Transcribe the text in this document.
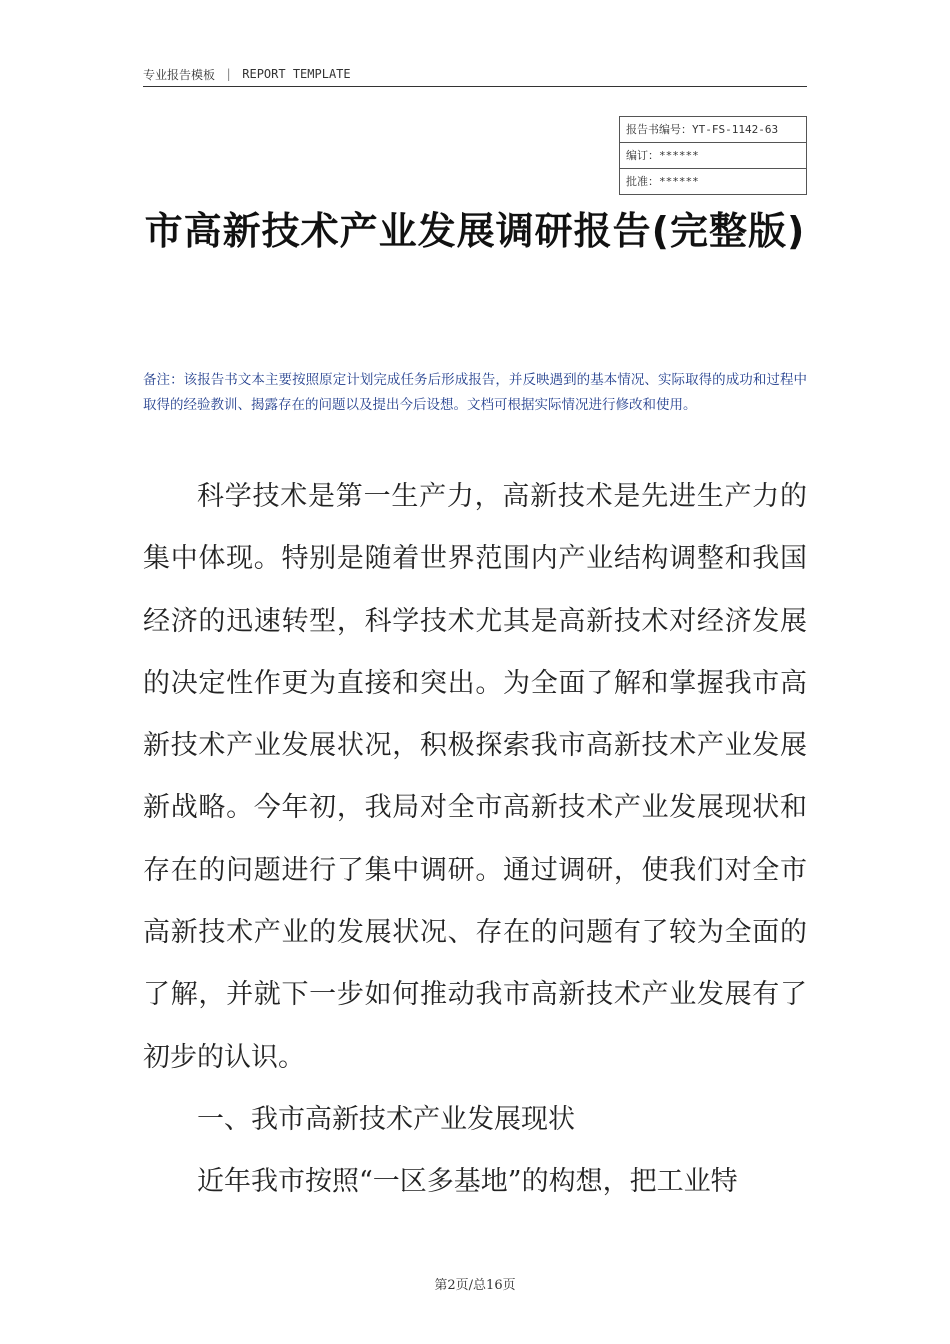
专业报告模板 | REPORT TEMPLATE
报告书编号：YT-FS-1142-63
编订：******
批准：******
市高新技术产业发展调研报告(完整版)
备注：该报告书文本主要按照原定计划完成任务后形成报告，并反映遇到的基本情况、实际取得的成功和过程中取得的经验教训、揭露存在的问题以及提出今后设想。文档可根据实际情况进行修改和使用。

科学技术是第一生产力，高新技术是先进生产力的集中体现。特别是随着世界范围内产业结构调整和我国经济的迅速转型，科学技术尤其是高新技术对经济发展的决定性作更为直接和突出。为全面了解和掌握我市高新技术产业发展状况，积极探索我市高新技术产业发展新战略。今年初，我局对全市高新技术产业发展现状和存在的问题进行了集中调研。通过调研，使我们对全市高新技术产业的发展状况、存在的问题有了较为全面的了解，并就下一步如何推动我市高新技术产业发展有了初步的认识。

一、我市高新技术产业发展现状

近年我市按照“一区多基地”的构想，把工业特

第2页/总16页
